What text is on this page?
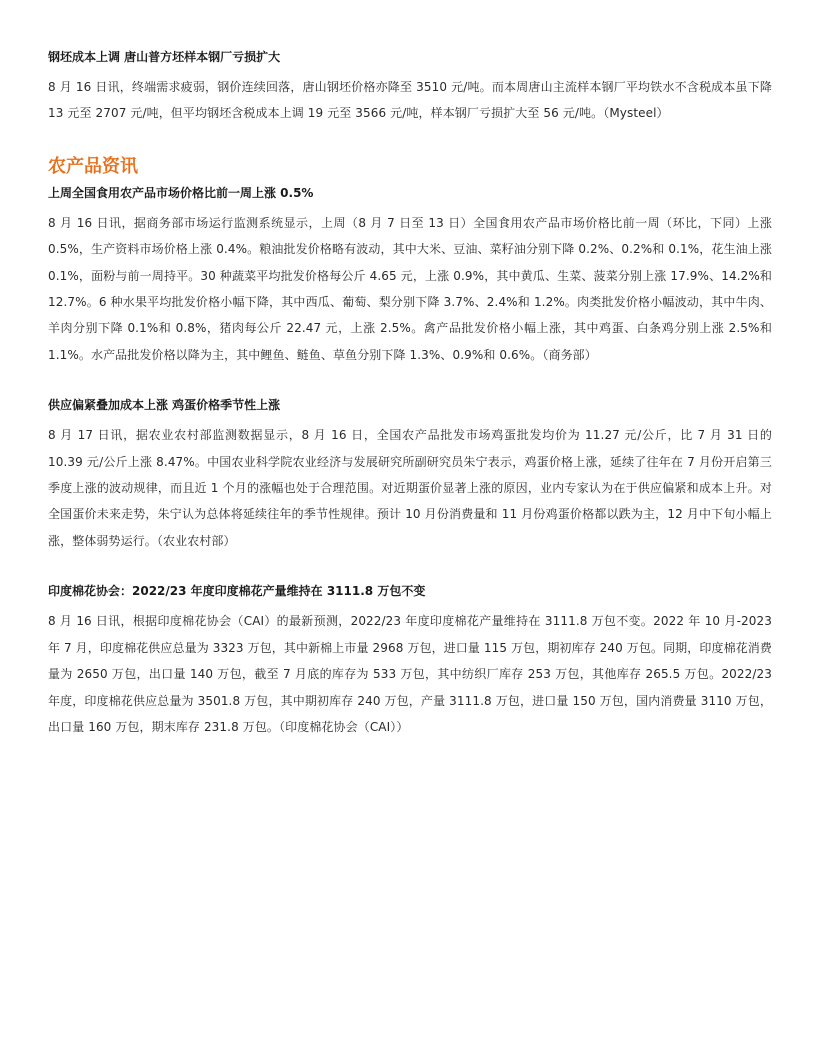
钢坯成本上调 唐山普方坯样本钢厂亏损扩大

8 月 16 日讯，终端需求疲弱，钢价连续回落，唐山钢坯价格亦降至 3510 元/吨。而本周唐山主流样本钢厂平均铁水不含税成本虽下降 13 元至 2707 元/吨，但平均钢坯含税成本上调 19 元至 3566 元/吨，样本钢厂亏损扩大至 56 元/吨。（Mysteel）

农产品资讯
上周全国食用农产品市场价格比前一周上涨 0.5%

8 月 16 日讯，据商务部市场运行监测系统显示，上周（8 月 7 日至 13 日）全国食用农产品市场价格比前一周（环比，下同）上涨 0.5%，生产资料市场价格上涨 0.4%。粮油批发价格略有波动，其中大米、豆油、菜籽油分别下降 0.2%、0.2%和 0.1%，花生油上涨 0.1%，面粉与前一周持平。30 种蔬菜平均批发价格每公斤 4.65 元，上涨 0.9%，其中黄瓜、生菜、菠菜分别上涨 17.9%、14.2%和 12.7%。6 种水果平均批发价格小幅下降，其中西瓜、葡萄、梨分别下降 3.7%、2.4%和 1.2%。肉类批发价格小幅波动，其中牛肉、羊肉分别下降 0.1%和 0.8%，猪肉每公斤 22.47 元，上涨 2.5%。禽产品批发价格小幅上涨，其中鸡蛋、白条鸡分别上涨 2.5%和 1.1%。水产品批发价格以降为主，其中鲤鱼、鲢鱼、草鱼分别下降 1.3%、0.9%和 0.6%。（商务部）

供应偏紧叠加成本上涨 鸡蛋价格季节性上涨

8 月 17 日讯，据农业农村部监测数据显示，8 月 16 日，全国农产品批发市场鸡蛋批发均价为 11.27 元/公斤，比 7 月 31 日的 10.39 元/公斤上涨 8.47%。中国农业科学院农业经济与发展研究所副研究员朱宁表示，鸡蛋价格上涨，延续了往年在 7 月份开启第三季度上涨的波动规律，而且近 1 个月的涨幅也处于合理范围。对近期蛋价显著上涨的原因，业内专家认为在于供应偏紧和成本上升。对全国蛋价未来走势，朱宁认为总体将延续往年的季节性规律。预计 10 月份消费量和 11 月份鸡蛋价格都以跌为主，12 月中下旬小幅上涨，整体弱势运行。（农业农村部）

印度棉花协会：2022/23 年度印度棉花产量维持在 3111.8 万包不变

8 月 16 日讯，根据印度棉花协会（CAI）的最新预测，2022/23 年度印度棉花产量维持在 3111.8 万包不变。2022 年 10 月-2023 年 7 月，印度棉花供应总量为 3323 万包，其中新棉上市量 2968 万包，进口量 115 万包，期初库存 240 万包。同期，印度棉花消费量为 2650 万包，出口量 140 万包，截至 7 月底的库存为 533 万包，其中纺织厂库存 253 万包，其他库存 265.5 万包。2022/23 年度，印度棉花供应总量为 3501.8 万包，其中期初库存 240 万包，产量 3111.8 万包，进口量 150 万包，国内消费量 3110 万包，出口量 160 万包，期末库存 231.8 万包。（印度棉花协会（CAI））
